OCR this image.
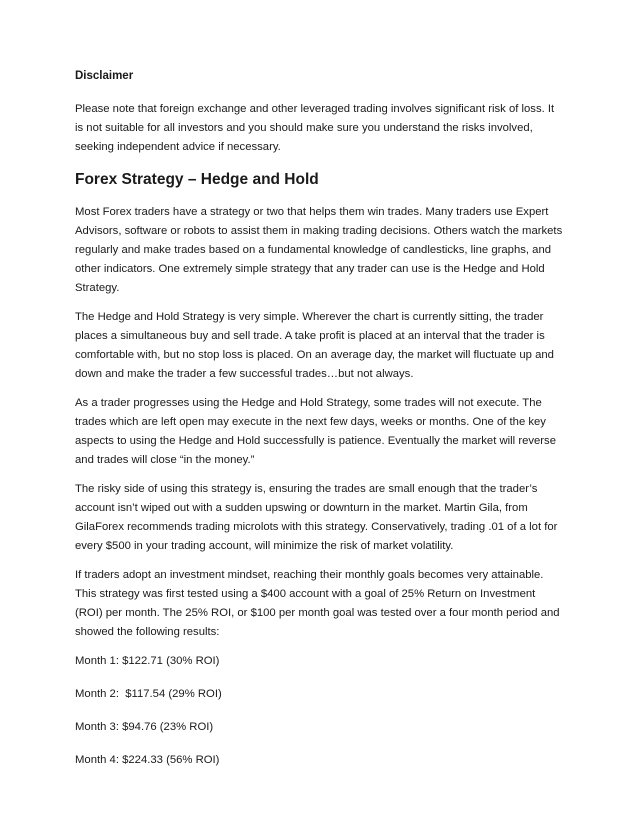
Disclaimer

Please note that foreign exchange and other leveraged trading involves significant risk of loss. It is not suitable for all investors and you should make sure you understand the risks involved, seeking independent advice if necessary.

Forex Strategy – Hedge and Hold

Most Forex traders have a strategy or two that helps them win trades. Many traders use Expert Advisors, software or robots to assist them in making trading decisions. Others watch the markets regularly and make trades based on a fundamental knowledge of candlesticks, line graphs, and other indicators. One extremely simple strategy that any trader can use is the Hedge and Hold Strategy.

The Hedge and Hold Strategy is very simple. Wherever the chart is currently sitting, the trader places a simultaneous buy and sell trade. A take profit is placed at an interval that the trader is comfortable with, but no stop loss is placed. On an average day, the market will fluctuate up and down and make the trader a few successful trades…but not always.

As a trader progresses using the Hedge and Hold Strategy, some trades will not execute. The trades which are left open may execute in the next few days, weeks or months. One of the key aspects to using the Hedge and Hold successfully is patience. Eventually the market will reverse and trades will close “in the money.”

The risky side of using this strategy is, ensuring the trades are small enough that the trader’s account isn’t wiped out with a sudden upswing or downturn in the market. Martin Gila, from GilaForex recommends trading microlots with this strategy. Conservatively, trading .01 of a lot for every $500 in your trading account, will minimize the risk of market volatility.

If traders adopt an investment mindset, reaching their monthly goals becomes very attainable. This strategy was first tested using a $400 account with a goal of 25% Return on Investment (ROI) per month. The 25% ROI, or $100 per month goal was tested over a four month period and showed the following results:

Month 1: $122.71 (30% ROI)

Month 2:  $117.54 (29% ROI)

Month 3: $94.76 (23% ROI)

Month 4: $224.33 (56% ROI)
